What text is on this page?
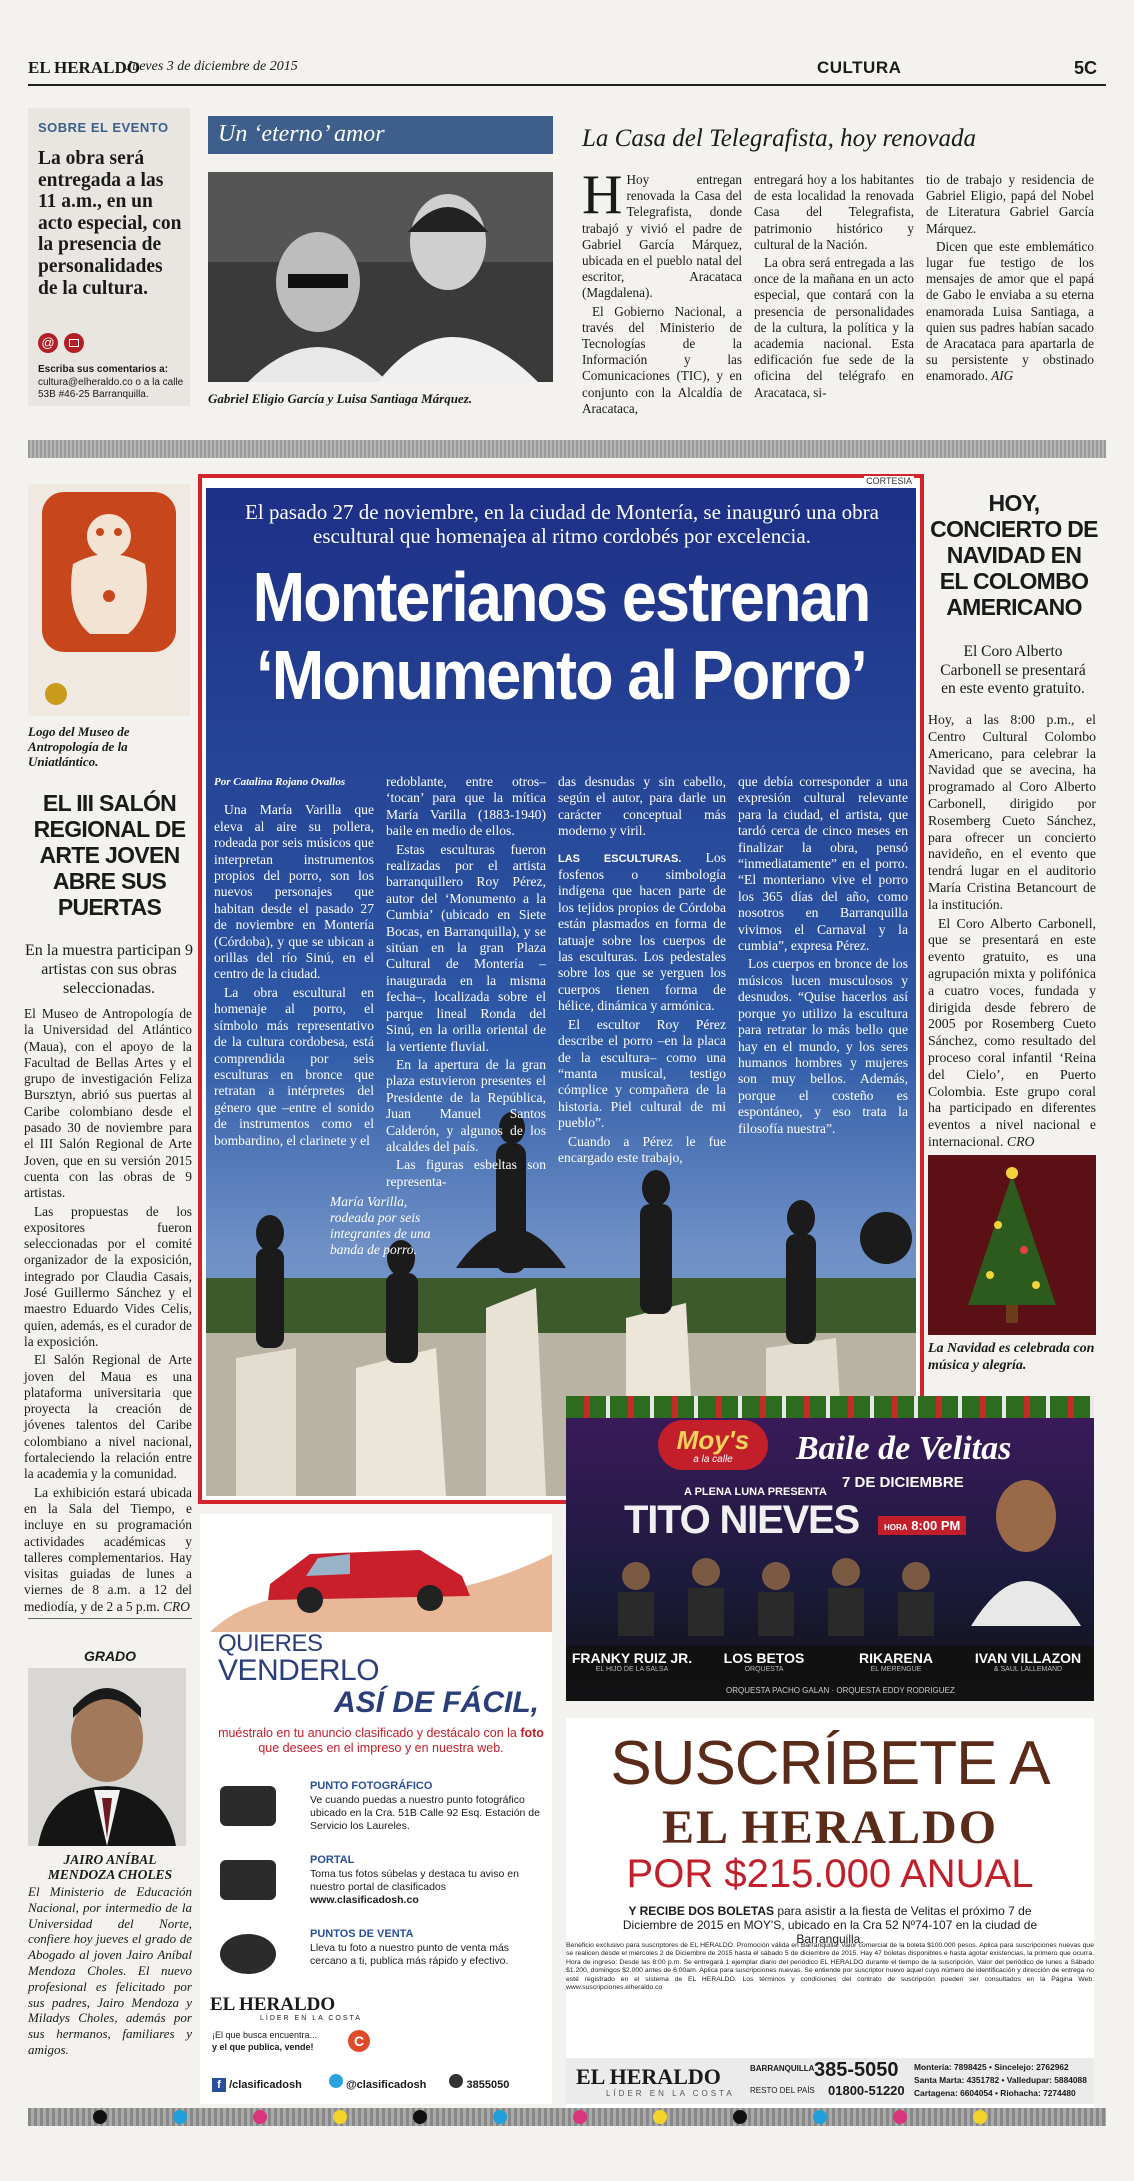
EL HERALDO
Jueves 3 de diciembre de 2015	CULTURA	5C
SOBRE EL EVENTO
La obra será entregada a las 11 a.m., en un acto especial, con la presencia de personalidades de la cultura.
@
Escriba sus comentarios a:
cultura@elheraldo.co o a la calle 53B #46-25 Barranquilla.
Un ‘eterno’ amor
Gabriel Eligio García y Luisa Santiaga Márquez.
La Casa del Telegrafista, hoy renovada

H Hoy entregan renovada la Casa del Telegrafista, donde trabajó y vivió el padre de Gabriel García Márquez, ubicada en el pueblo natal del escritor, Aracataca (Magdalena).

El Gobierno Nacional, a través del Ministerio de Tecnologías de la Información y las Comunicaciones (TIC), y en conjunto con la Alcaldía de Aracataca,

entregará hoy a los habitantes de esta localidad la renovada Casa del Telegrafista, patrimonio histórico y cultural de la Nación.

La obra será entregada a las once de la mañana en un acto especial, que contará con la presencia de personalidades de la cultura, la política y la academia nacional. Esta edificación fue sede de la oficina del telégrafo en Aracataca, si-

tio de trabajo y residencia de Gabriel Eligio, papá del Nobel de Literatura Gabriel García Márquez.

Dicen que este emblemático lugar fue testigo de los mensajes de amor que el papá de Gabo le enviaba a su eterna enamorada Luisa Santiaga, a quien sus padres habían sacado de Aracataca para apartarla de su persistente y obstinado enamorado. AIG

Logo del Museo de Antropología de la Uniatlántico.
EL III SALÓN REGIONAL DE ARTE JOVEN ABRE SUS PUERTAS
En la muestra participan 9 artistas con sus obras seleccionadas.

El Museo de Antropología de la Universidad del Atlántico (Maua), con el apoyo de la Facultad de Bellas Artes y el grupo de investigación Feliza Bursztyn, abrió sus puertas al Caribe colombiano desde el pasado 30 de noviembre para el III Salón Regional de Arte Joven, que en su versión 2015 cuenta con las obras de 9 artistas.

Las propuestas de los expositores fueron seleccionadas por el comité organizador de la exposición, integrado por Claudia Casais, José Guillermo Sánchez y el maestro Eduardo Vides Celis, quien, además, es el curador de la exposición.

El Salón Regional de Arte joven del Maua es una plataforma universitaria que proyecta la creación de jóvenes talentos del Caribe colombiano a nivel nacional, fortaleciendo la relación entre la academia y la comunidad.

La exhibición estará ubicada en la Sala del Tiempo, e incluye en su programación actividades académicas y talleres complementarios. Hay visitas guiadas de lunes a viernes de 8 a.m. a 12 del mediodía, y de 2 a 5 p.m. CRO

GRADO
JAIRO ANÍBAL MENDOZA CHOLES
El Ministerio de Educación Nacional, por intermedio de la Universidad del Norte, confiere hoy jueves el grado de Abogado al joven Jairo Aníbal Mendoza Choles. El nuevo profesional es felicitado por sus padres, Jairo Mendoza y Miladys Choles, además por sus hermanos, familiares y amigos.
CORTESIA
El pasado 27 de noviembre, en la ciudad de Montería, se inauguró una obra escultural que homenajea al ritmo cordobés por excelencia.
Monterianos estrenan
‘Monumento al Porro’
Por Catalina Rojano Ovallos

Una María Varilla que eleva al aire su pollera, rodeada por seis músicos que interpretan instrumentos propios del porro, son los nuevos personajes que habitan desde el pasado 27 de noviembre en Montería (Córdoba), y que se ubican a orillas del río Sinú, en el centro de la ciudad.

La obra escultural en homenaje al porro, el símbolo más representativo de la cultura cordobesa, está comprendida por seis esculturas en bronce que retratan a intérpretes del género que –entre el sonido de instrumentos como el bombardino, el clarinete y el

redoblante, entre otros– ‘tocan’ para que la mítica María Varilla (1883-1940) baile en medio de ellos.

Estas esculturas fueron realizadas por el artista barranquillero Roy Pérez, autor del ‘Monumento a la Cumbia’ (ubicado en Siete Bocas, en Barranquilla), y se sitúan en la gran Plaza Cultural de Montería –inaugurada en la misma fecha–, localizada sobre el parque lineal Ronda del Sinú, en la orilla oriental de la vertiente fluvial.

En la apertura de la gran plaza estuvieron presentes el Presidente de la República, Juan Manuel Santos Calderón, y algunos de los alcaldes del país.

Las figuras esbeltas son representa-

das desnudas y sin cabello, según el autor, para darle un carácter conceptual más moderno y viril.

LAS ESCULTURAS. Los fosfenos o simbología indígena que hacen parte de los tejidos propios de Córdoba están plasmados en forma de tatuaje sobre los cuerpos de las esculturas. Los pedestales sobre los que se yerguen los cuerpos tienen forma de hélice, dinámica y armónica.

El escultor Roy Pérez describe el porro –en la placa de la escultura– como una “manta musical, testigo cómplice y compañera de la historia. Piel cultural de mi pueblo”.

Cuando a Pérez le fue encargado este trabajo,

que debía corresponder a una expresión cultural relevante para la ciudad, el artista, que tardó cerca de cinco meses en finalizar la obra, pensó “inmediatamente” en el porro. “El monteriano vive el porro los 365 días del año, como nosotros en Barranquilla vivimos el Carnaval y la cumbia”, expresa Pérez.

Los cuerpos en bronce de los músicos lucen musculosos y desnudos. “Quise hacerlos así porque yo utilizo la escultura para retratar lo más bello que hay en el mundo, y los seres humanos hombres y mujeres son muy bellos. Además, porque el costeño es espontáneo, y eso trata la filosofía nuestra”.

María Varilla, rodeada por seis integrantes de una banda de porro.
HOY, CONCIERTO DE NAVIDAD EN EL COLOMBO AMERICANO
El Coro Alberto Carbonell se presentará en este evento gratuito.

Hoy, a las 8:00 p.m., el Centro Cultural Colombo Americano, para celebrar la Navidad que se avecina, ha programado al Coro Alberto Carbonell, dirigido por Rosemberg Cueto Sánchez, para ofrecer un concierto navideño, en el evento que tendrá lugar en el auditorio María Cristina Betancourt de la institución.

El Coro Alberto Carbonell, que se presentará en este evento gratuito, es una agrupación mixta y polifónica a cuatro voces, fundada y dirigida desde febrero de 2005 por Rosemberg Cueto Sánchez, como resultado del proceso coral infantil ‘Reina del Cielo’, en Puerto Colombia. Este grupo coral ha participado en diferentes eventos a nivel nacional e internacional. CRO

La Navidad es celebrada con música y alegría.
Moy's
a la calle	Baile de Velitas
7 DE DICIEMBRE
A PLENA LUNA PRESENTA
TITO NIEVES	HORA 8:00 PM
FRANKY RUIZ JR.
EL HIJO DE LA SALSA
LOS BETOS
ORQUESTA
RIKARENA
EL MERENGUE
IVAN VILLAZON
& SAUL LALLEMAND
ORQUESTA PACHO GALAN · ORQUESTA EDDY RODRIGUEZ
QUIERES
VENDERLO
ASÍ DE FÁCIL,
muéstralo en tu anuncio clasificado y destácalo con la foto que desees en el impreso y en nuestra web.
PUNTO FOTOGRÁFICO
Ve cuando puedas a nuestro punto fotográfico ubicado en la Cra. 51B Calle 92 Esq. Estación de Servicio los Laureles.
PORTAL
Toma tus fotos súbelas y destaca tu aviso en nuestro portal de clasificados
www.clasificadosh.co
PUNTOS DE VENTA
Lleva tu foto a nuestro punto de venta más cercano a ti, publica más rápido y efectivo.
EL HERALDO
LÍDER EN LA COSTA
¡El que busca encuentra...
y el que publica, vende!	C
f /clasificadosh	@clasificadosh	3855050
SUSCRÍBETE A
EL HERALDO
POR $215.000 ANUAL
Y RECIBE DOS BOLETAS para asistir a la fiesta de Velitas el próximo 7 de Diciembre de 2015 en MOY'S, ubicado en la Cra 52 Nº74-107 en la ciudad de Barranquilla.
Beneficio exclusivo para suscriptores de EL HERALDO. Promoción válida en Barranquilla. Valor comercial de la boleta $100.000 pesos. Aplica para suscripciones nuevas que se realicen desde el miércoles 2 de Diciembre de 2015 hasta el sábado 5 de diciembre de 2015. Hay 47 boletas disponibles e hasta agotar existencias, la primero que ocurra. Hora de ingreso: Desde las 8:00 p.m. Se entregará 1 ejemplar diario del periódico EL HERALDO durante el tiempo de la suscripción. Valor del periódico de lunes a Sábado $1.200, domingos $2.000 antes de 6:00am. Aplica para suscripciones nuevas. Se entiende por suscriptor nuevo aquel cuyo número de identificación y dirección de entrega no esté registrado en el sistema de EL HERALDO. Los términos y condiciones del contrato de suscripción pueden ser consultados en la Página Web: www.suscripciones.elheraldo.co
EL HERALDO
LÍDER EN LA COSTA
BARRANQUILLA 385-5050
RESTO DEL PAÍS 01800-51220
Montería: 7898425 • Sincelejo: 2762962
Santa Marta: 4351782 • Valledupar: 5884088
Cartagena: 6604054 • Riohacha: 7274480
